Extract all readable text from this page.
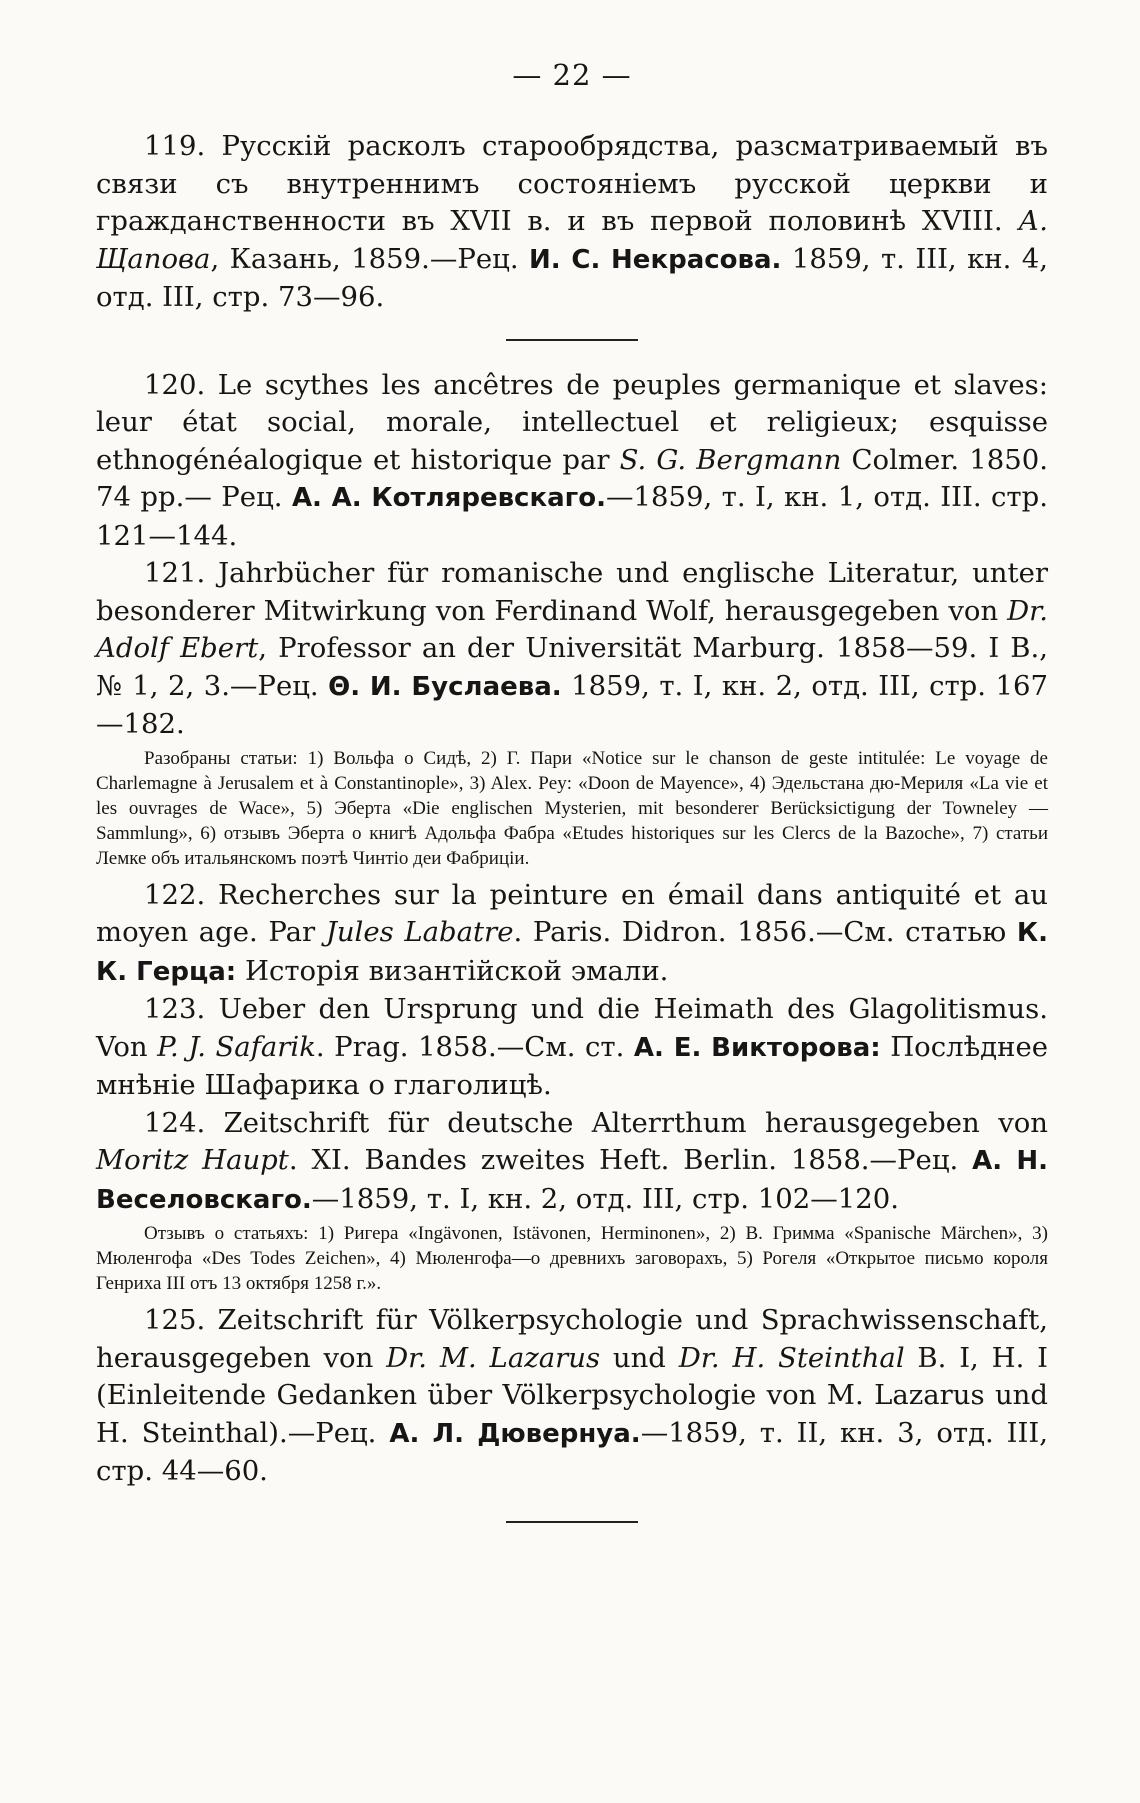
— 22 —

119. Русскій расколъ старообрядства, разсматриваемый въ связи съ внутреннимъ состояніемъ русской церкви и гражданственности въ XVII в. и въ первой половинѣ XVIII. А. Щапова, Казань, 1859.—Рец. И. С. Некрасова. 1859, т. III, кн. 4, отд. III, стр. 73—96.

120. Le scythes les ancêtres de peuples germanique et slaves: leur état social, morale, intellectuel et religieux; esquisse ethnogénéalogique et historique par S. G. Bergmann Colmer. 1850. 74 pp.— Рец. А. А. Котляревскаго.—1859, т. I, кн. 1, отд. III. стр. 121—144.

121. Jahrbücher für romanische und englische Literatur, unter besonderer Mitwirkung von Ferdinand Wolf, herausgegeben von Dr. Adolf Ebert, Professor an der Universität Marburg. 1858—59. I B., № 1, 2, 3.—Рец. Θ. И. Буслаева. 1859, т. I, кн. 2, отд. III, стр. 167—182.

Разобраны статьи: 1) Вольфа о Сидѣ, 2) Г. Пари «Notice sur le chanson de geste intitulée: Le voyage de Charlemagne à Jerusalem et à Constantinople», 3) Alex. Pey: «Doon de Mayence», 4) Эдельстана дю-Мериля «La vie et les ouvrages de Wace», 5) Эберта «Die englischen Mysterien, mit besonderer Berücksictigung der Towneley — Sammlung», 6) отзывъ Эберта о книгѣ Адольфа Фабра «Etudes historiques sur les Clercs de la Bazoche», 7) статьи Лемке объ итальянскомъ поэтѣ Чинтіо деи Фабриціи.

122. Recherches sur la peinture en émail dans antiquité et au moyen age. Par Jules Labatre. Paris. Didron. 1856.—См. статью К. К. Герца: Исторія византійской эмали.

123. Ueber den Ursprung und die Heimath des Glagolitismus. Von P. J. Safarik. Prag. 1858.—См. ст. А. Е. Викторова: Послѣднее мнѣніе Шафарика о глаголицѣ.

124. Zeitschrift für deutsche Alterrthum herausgegeben von Moritz Haupt. XI. Bandes zweites Heft. Berlin. 1858.—Рец. А. Н. Веселовскаго.—1859, т. I, кн. 2, отд. III, стр. 102—120.

Отзывъ о статьяхъ: 1) Ригера «Ingävonen, Istävonen, Herminonen», 2) В. Гримма «Spanische Märchen», 3) Мюленгофа «Des Todes Zeichen», 4) Мюленгофа—о древнихъ заговорахъ, 5) Рогеля «Открытое письмо короля Генриха III отъ 13 октября 1258 г.».

125. Zeitschrift für Völkerpsychologie und Sprachwissenschaft, herausgegeben von Dr. M. Lazarus und Dr. H. Steinthal B. I, H. I (Einleitende Gedanken über Völkerpsychologie von M. Lazarus und H. Steinthal).—Рец. А. Л. Дювернуа.—1859, т. II, кн. 3, отд. III, стр. 44—60.
